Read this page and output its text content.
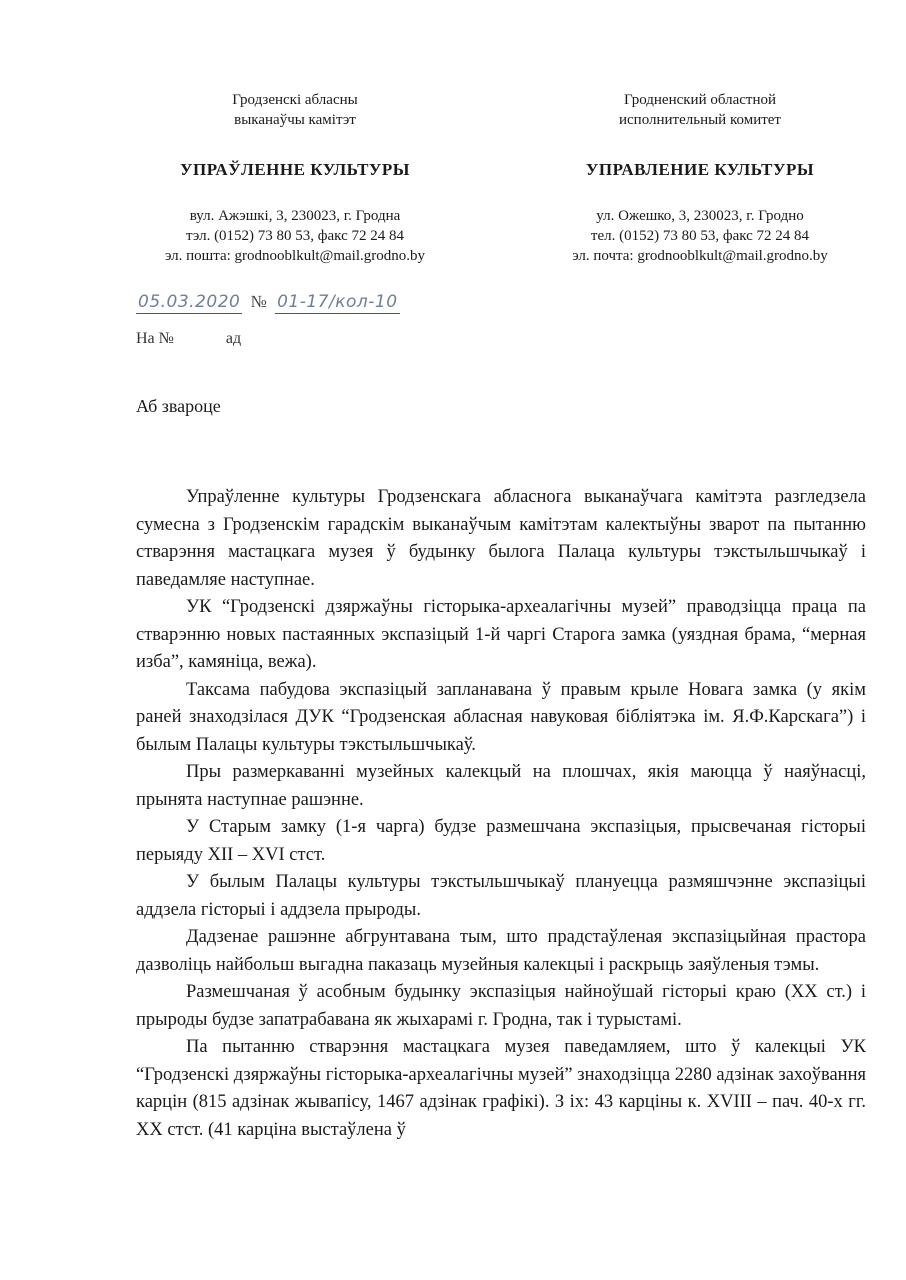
Гродзенскі абласны
выканаўчы камітэт
УПРАЎЛЕННЕ КУЛЬТУРЫ
вул. Ажэшкі, 3, 230023, г. Гродна
тэл. (0152) 73 80 53, факс 72 24 84
эл. пошта: grodnooblkult@mail.grodno.by
Гродненский областной
исполнительный комитет
УПРАВЛЕНИЕ КУЛЬТУРЫ
ул. Ожешко, 3, 230023, г. Гродно
тел. (0152) 73 80 53, факс 72 24 84
эл. почта: grodnooblkult@mail.grodno.by
05.03.2020 № 01-17/кол-10
На №	ад
Аб звароце

Упраўленне культуры Гродзенскага абласнога выканаўчага камітэта разгледзела сумесна з Гродзенскім гарадскім выканаўчым камітэтам калектыўны зварот па пытанню стварэння мастацкага музея ў будынку былога Палаца культуры тэкстыльшчыкаў і паведамляе наступнае.

УК “Гродзенскі дзяржаўны гісторыка-археалагічны музей” праводзіцца праца па стварэнню новых пастаянных экспазіцый 1-й чаргі Старога замка (уяздная брама, “мерная изба”, камяніца, вежа).

Таксама пабудова экспазіцый запланавана ў правым крыле Новага замка (у якім раней знаходзілася ДУК “Гродзенская абласная навуковая бібліятэка ім. Я.Ф.Карскага”) і былым Палацы культуры тэкстыльшчыкаў.

Пры размеркаванні музейных калекцый на плошчах, якія маюцца ў наяўнасці, прынята наступнае рашэнне.

У Старым замку (1-я чарга) будзе размешчана экспазіцыя, прысвечаная гісторыі перыяду XII – XVI стст.

У былым Палацы культуры тэкстыльшчыкаў плануецца размяшчэнне экспазіцыі аддзела гісторыі і аддзела прыроды.

Дадзенае рашэнне абгрунтавана тым, што прадстаўленая экспазіцыйная прастора дазволіць найбольш выгадна паказаць музейныя калекцыі і раскрыць заяўленыя тэмы.

Размешчаная ў асобным будынку экспазіцыя найноўшай гісторыі краю (XX ст.) і прыроды будзе запатрабавана як жыхарамі г. Гродна, так і турыстамі.

Па пытанню стварэння мастацкага музея паведамляем, што ў калекцыі УК “Гродзенскі дзяржаўны гісторыка-археалагічны музей” знаходзіцца 2280 адзінак захоўвання карцін (815 адзінак жывапісу, 1467 адзінак графікі). З іх: 43 карціны к. XVIII – пач. 40-х гг. XX стст. (41 карціна выстаўлена ў
